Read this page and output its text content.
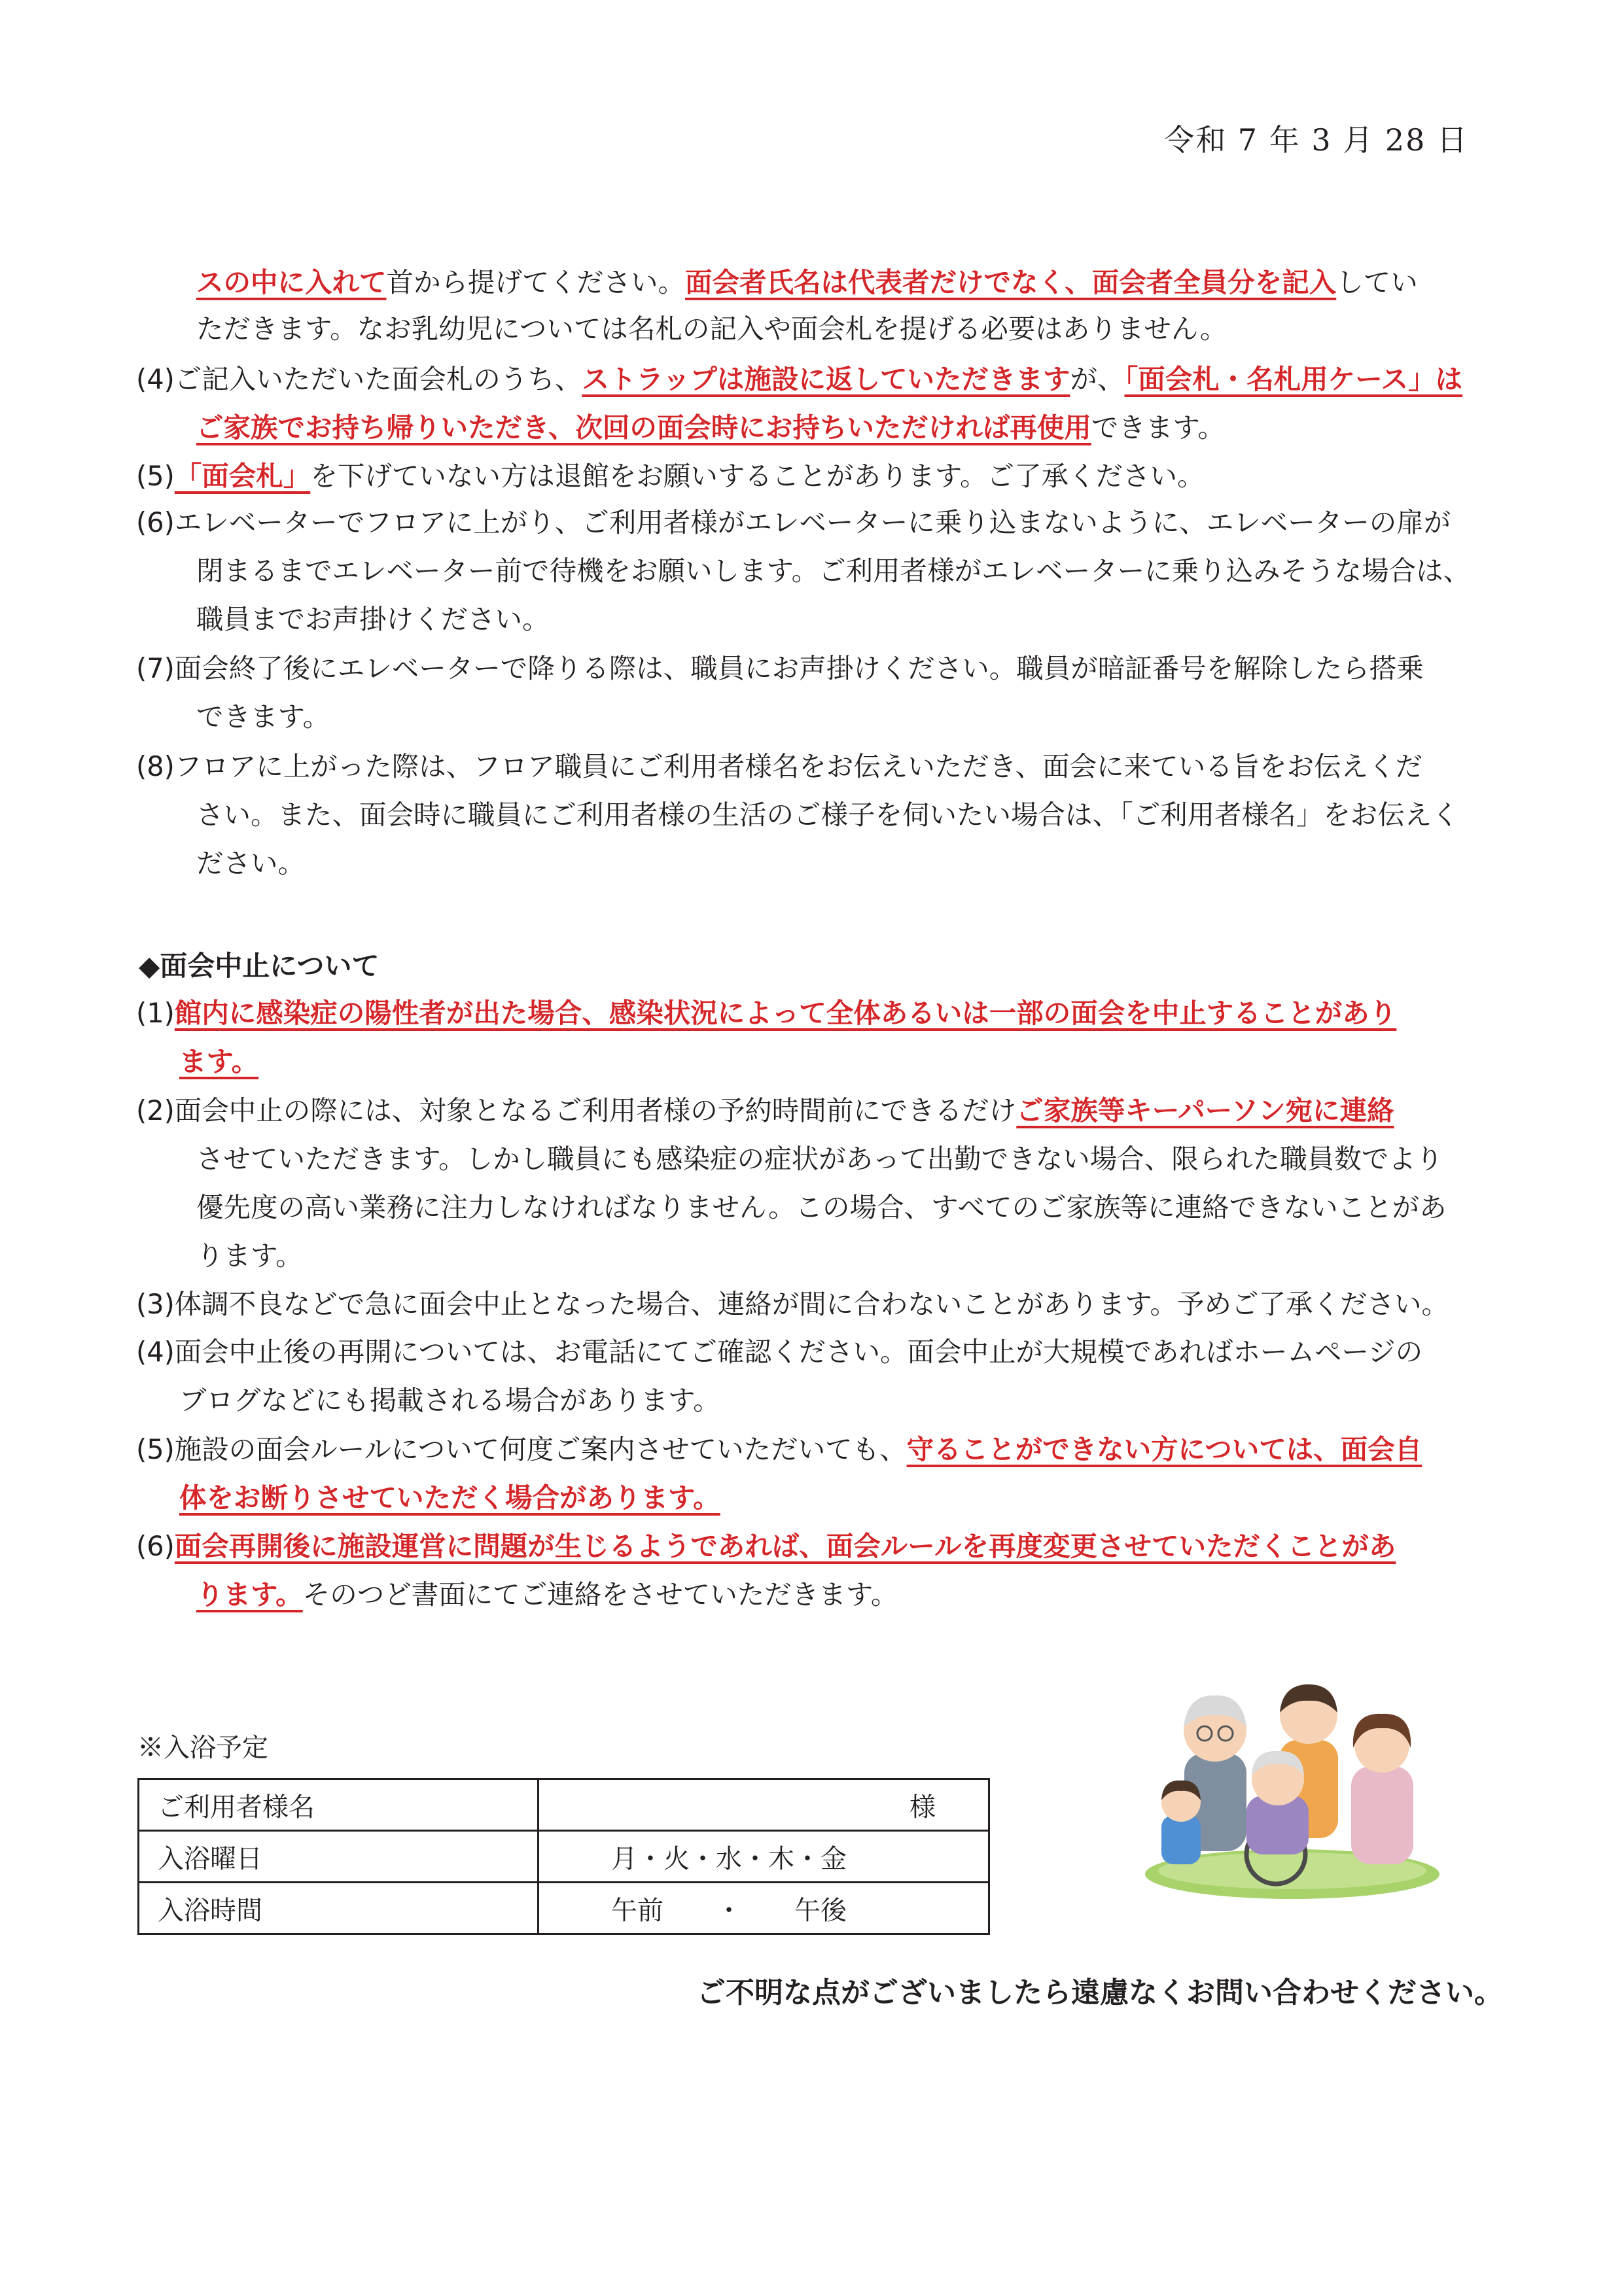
令和 7 年 3 月 28 日
スの中に入れて首から提げてください。面会者氏名は代表者だけでなく、面会者全員分を記入してい
ただきます。なお乳幼児については名札の記入や面会札を提げる必要はありません。
(4)ご記入いただいた面会札のうち、ストラップは施設に返していただきますが、「面会札・名札用ケース」は
ご家族でお持ち帰りいただき、次回の面会時にお持ちいただければ再使用できます。
(5)「面会札」を下げていない方は退館をお願いすることがあります。ご了承ください。
(6)エレベーターでフロアに上がり、ご利用者様がエレベーターに乗り込まないように、エレベーターの扉が
閉まるまでエレベーター前で待機をお願いします。ご利用者様がエレベーターに乗り込みそうな場合は、
職員までお声掛けください。
(7)面会終了後にエレベーターで降りる際は、職員にお声掛けください。職員が暗証番号を解除したら搭乗
できます。
(8)フロアに上がった際は、フロア職員にご利用者様名をお伝えいただき、面会に来ている旨をお伝えくだ
さい。また、面会時に職員にご利用者様の生活のご様子を伺いたい場合は、「ご利用者様名」をお伝えく
ださい。
◆面会中止について
(1)館内に感染症の陽性者が出た場合、感染状況によって全体あるいは一部の面会を中止することがあり
ます。
(2)面会中止の際には、対象となるご利用者様の予約時間前にできるだけご家族等キーパーソン宛に連絡
させていただきます。しかし職員にも感染症の症状があって出勤できない場合、限られた職員数でより
優先度の高い業務に注力しなければなりません。この場合、すべてのご家族等に連絡できないことがあ
ります。
(3)体調不良などで急に面会中止となった場合、連絡が間に合わないことがあります。予めご了承ください。
(4)面会中止後の再開については、お電話にてご確認ください。面会中止が大規模であればホームページの
ブログなどにも掲載される場合があります。
(5)施設の面会ルールについて何度ご案内させていただいても、守ることができない方については、面会自
体をお断りさせていただく場合があります。
(6)面会再開後に施設運営に問題が生じるようであれば、面会ルールを再度変更させていただくことがあ
ります。そのつど書面にてご連絡をさせていただきます。
※入浴予定
ご利用者様名	様
入浴曜日	月・火・水・木・金
入浴時間	午前　　・　　午後
ご不明な点がございましたら遠慮なくお問い合わせください。
